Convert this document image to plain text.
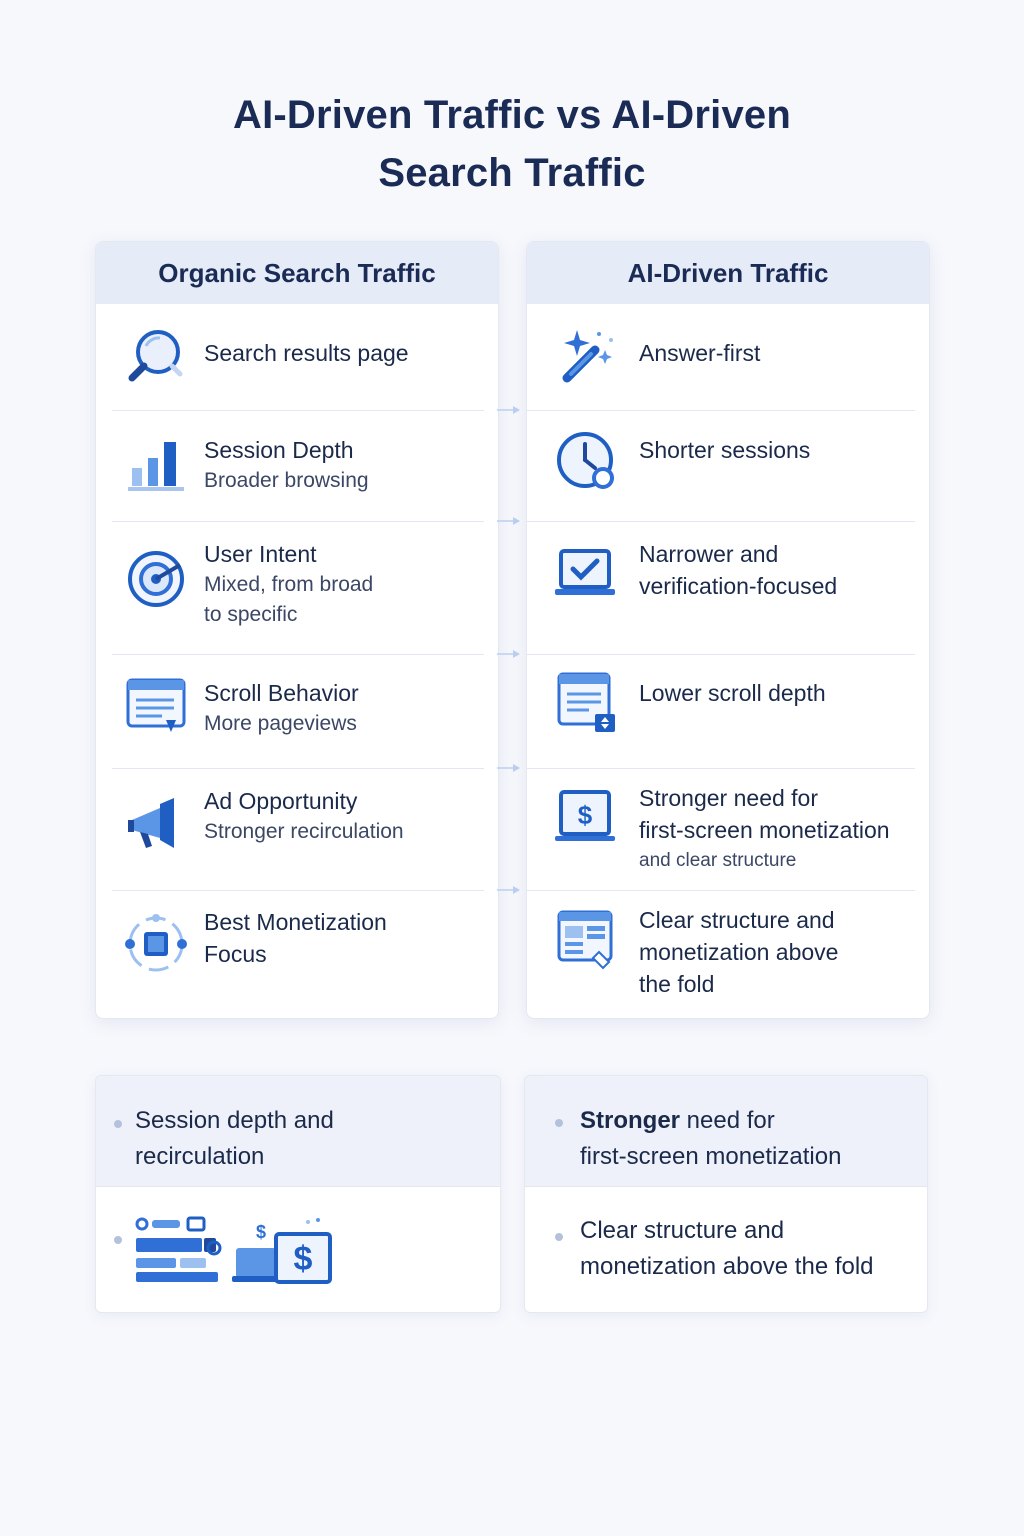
AI-Driven Traffic vs AI-Driven
Search Traffic
Organic Search Traffic
Search results page
Session Depth
Broader browsing
User Intent
Mixed, from broad
to specific
Scroll Behavior
More pageviews
Ad Opportunity
Stronger recirculation
Best Monetization
Focus
AI-Driven Traffic
Answer-first
Shorter sessions
Narrower and
verification-focused
Lower scroll depth
$
Stronger need for
first-screen monetization
and clear structure
Clear structure and
monetization above
the fold
Session depth and
recirculation
$
$
Stronger need for
first-screen monetization
Clear structure and
monetization above the fold
